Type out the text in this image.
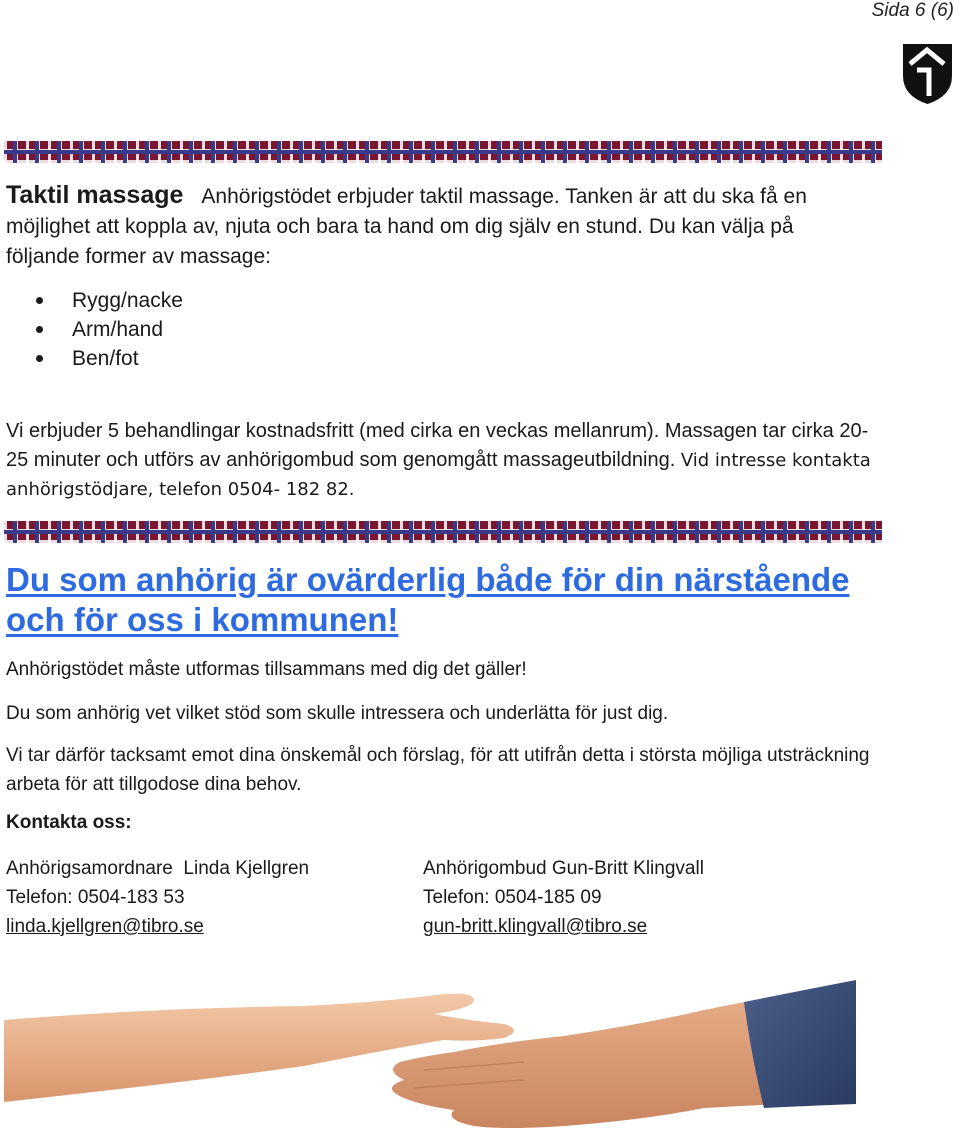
Sida 6 (6)
Taktil massage Anhörigstödet erbjuder taktil massage. Tanken är att du ska få en möjlighet att koppla av, njuta och bara ta hand om dig själv en stund. Du kan välja på följande former av massage:
Rygg/nacke
Arm/hand
Ben/fot
Vi erbjuder 5 behandlingar kostnadsfritt (med cirka en veckas mellanrum). Massagen tar cirka 20-25 minuter och utförs av anhörigombud som genomgått massageutbildning. Vid intresse kontakta anhörigstödjare, telefon 0504- 182 82.
Du som anhörig är ovärderlig både för din närstående och för oss i kommunen!

Anhörigstödet måste utformas tillsammans med dig det gäller!

Du som anhörig vet vilket stöd som skulle intressera och underlätta för just dig.

Vi tar därför tacksamt emot dina önskemål och förslag, för att utifrån detta i största möjliga utsträckning arbeta för att tillgodose dina behov.

Kontakta oss:
Anhörigsamordnare  Linda Kjellgren
Telefon: 0504-183 53
linda.kjellgren@tibro.se
Anhörigombud Gun-Britt Klingvall
Telefon: 0504-185 09
gun-britt.klingvall@tibro.se
